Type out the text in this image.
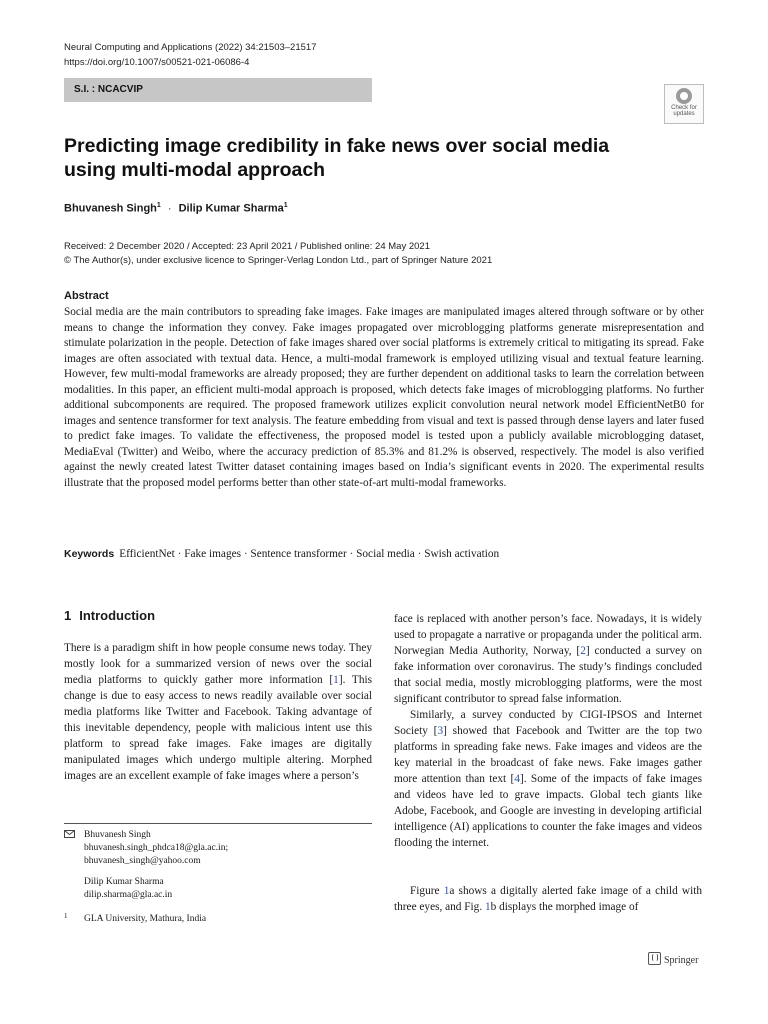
Neural Computing and Applications (2022) 34:21503–21517
https://doi.org/10.1007/s00521-021-06086-4
S.I. : NCACVIP
Check for
updates
Predicting image credibility in fake news over social media using multi-modal approach
Bhuvanesh Singh$^1$ · Dilip Kumar Sharma$^1$
Received: 2 December 2020 / Accepted: 23 April 2021 / Published online: 24 May 2021
© The Author(s), under exclusive licence to Springer-Verlag London Ltd., part of Springer Nature 2021
Abstract

Social media are the main contributors to spreading fake images. Fake images are manipulated images altered through software or by other means to change the information they convey. Fake images propagated over microblogging platforms generate misrepresentation and stimulate polarization in the people. Detection of fake images shared over social platforms is extremely critical to mitigating its spread. Fake images are often associated with textual data. Hence, a multi-modal framework is employed utilizing visual and textual feature learning. However, few multi-modal frameworks are already proposed; they are further dependent on additional tasks to learn the correlation between modalities. In this paper, an efficient multi-modal approach is proposed, which detects fake images of microblogging platforms. No further additional subcomponents are required. The proposed framework utilizes explicit convolution neural network model EfficientNetB0 for images and sentence transformer for text analysis. The feature embedding from visual and text is passed through dense layers and later fused to predict fake images. To validate the effectiveness, the proposed model is tested upon a publicly available microblogging dataset, MediaEval (Twitter) and Weibo, where the accuracy prediction of 85.3% and 81.2% is observed, respectively. The model is also verified against the newly created latest Twitter dataset containing images based on India’s significant events in 2020. The experimental results illustrate that the proposed model performs better than other state-of-art multi-modal frameworks.

Keywords EfficientNet · Fake images · Sentence transformer · Social media · Swish activation
1 Introduction

There is a paradigm shift in how people consume news today. They mostly look for a summarized version of news over the social media platforms to quickly gather more information [1]. This change is due to easy access to news readily available over social media platforms like Twitter and Facebook. Taking advantage of this inevitable dependency, people with malicious intent use this platform to spread fake images. Fake images are digitally manipulated images which undergo multiple altering. Morphed images are an excellent example of fake images where a person’s

face is replaced with another person’s face. Nowadays, it is widely used to propagate a narrative or propaganda under the political arm. Norwegian Media Authority, Norway, [2] conducted a survey on fake information over coronavirus. The study’s findings concluded that social media, mostly microblogging platforms, were the most significant contributor to spread false information.
Similarly, a survey conducted by CIGI-IPSOS and Internet Society [3] showed that Facebook and Twitter are the top two platforms in spreading fake news. Fake images and videos are the key material in the broadcast of fake news. Fake images gather more attention than text [4]. Some of the impacts of fake images and videos have led to grave impacts. Global tech giants like Adobe, Facebook, and Google are investing in developing artificial intelligence (AI) applications to counter the fake images and videos flooding the internet.

Figure 1a shows a digitally alerted fake image of a child with three eyes, and Fig. 1b displays the morphed image of

Bhuvanesh Singh
bhuvanesh.singh_phdca18@gla.ac.in;
bhuvanesh_singh@yahoo.com
Dilip Kumar Sharma
dilip.sharma@gla.ac.in
1 GLA University, Mathura, India
Springer
